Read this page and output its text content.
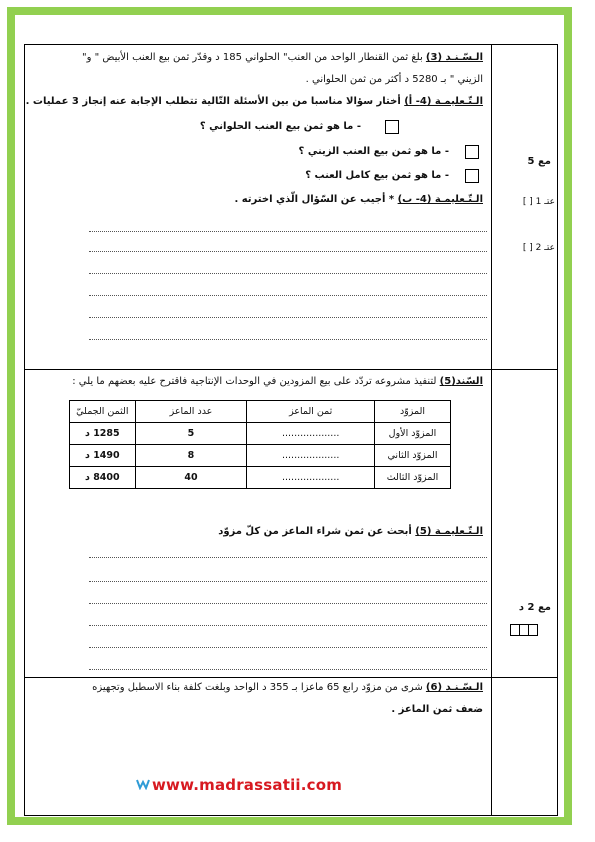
الـسّـنـد (3) بلغ ثمن القنطار الواحد من العنب" الحلواني 185 د وقدّر ثمن بيع العنب الأبيض " و"
الزيني " بـ 5280 د أكثر من ثمن الحلواني .
الـتّـعليمـة (4- أ) أختار سؤالا مناسبا من بين الأسئلة التّالية تتطلب الإجابة عنه إنجاز 3 عمليات .
- ما هو ثمن بيع العنب الحلواني ؟
- ما هو ثمن بيع العنب الزيني ؟
- ما هو ثمن بيع كامل العنب ؟
الـتّـعليمـة (4- ب) * أجيب عن السّؤال الّذي اخترته .
مع 5
عتـ 1 [ ]
عتـ 2 [ ]
السّند(5) لتنفيذ مشروعه تردّد على بيع المزودين في الوحدات الإنتاجية فاقترح عليه بعضهم ما يلي :
المزوّد	ثمن الماعز	عدد الماعز	الثمن الجمليّ
المزوّد الأول	...................	5	1285 د
المزوّد الثاني	...................	8	1490 د
المزوّد الثالث	...................	40	8400 د
الـتّـعليمـة (5) أبحث عن ثمن شراء الماعز من كلّ مزوّد
مع 2 د
الـسّـنـد (6) شرى من مزوّد رابع 65 ماعزا بـ 355 د الواحد وبلغت كلفة بناء الاسطبل وتجهيزه
ضعف ثمن الماعز .
www.madrassatii.com
